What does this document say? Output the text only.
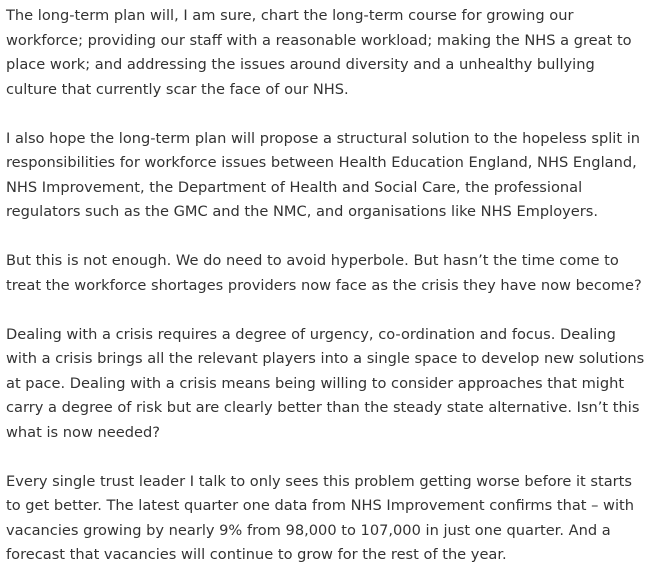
The long-term plan will, I am sure, chart the long-term course for growing our workforce; providing our staff with a reasonable workload; making the NHS a great to place work; and addressing the issues around diversity and a unhealthy bullying culture that currently scar the face of our NHS.

I also hope the long-term plan will propose a structural solution to the hopeless split in responsibilities for workforce issues between Health Education England, NHS England, NHS Improvement, the Department of Health and Social Care, the professional regulators such as the GMC and the NMC, and organisations like NHS Employers.

But this is not enough. We do need to avoid hyperbole. But hasn’t the time come to treat the workforce shortages providers now face as the crisis they have now become?

Dealing with a crisis requires a degree of urgency, co-ordination and focus. Dealing with a crisis brings all the relevant players into a single space to develop new solutions at pace. Dealing with a crisis means being willing to consider approaches that might carry a degree of risk but are clearly better than the steady state alternative. Isn’t this what is now needed?

Every single trust leader I talk to only sees this problem getting worse before it starts to get better. The latest quarter one data from NHS Improvement confirms that – with vacancies growing by nearly 9% from 98,000 to 107,000 in just one quarter. And a forecast that vacancies will continue to grow for the rest of the year.
